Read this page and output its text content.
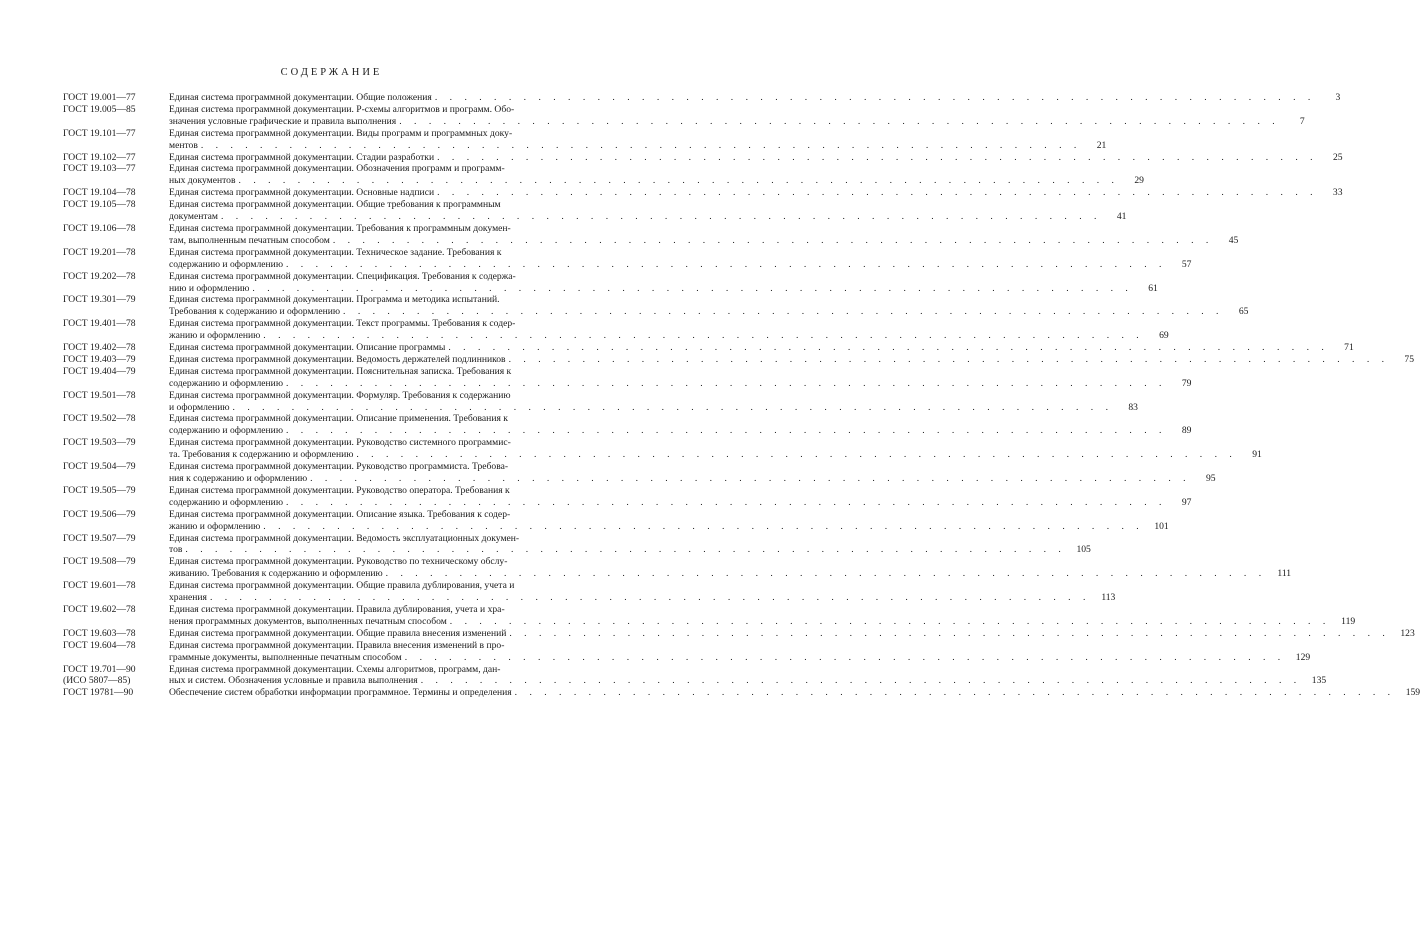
СОДЕРЖАНИЕ
ГОСТ 19.001—77	Единая система программной документации. Общие положения . . . . . . . . . . . . . . . . . . . . . . . . . . . . . . . . . . . . . . . . . . . . . . . . . . . . . . . . . . . .	3
ГОСТ 19.005—85	Единая система программной документации. Р-схемы алгоритмов и программ. Обо-
значения условные графические и правила выполнения . . . . . . . . . . . . . . . . . . . . . . . . . . . . . . . . . . . . . . . . . . . . . . . . . . . . . . . . . . . .	7
ГОСТ 19.101—77	Единая система программной документации. Виды программ и программных доку-
ментов . . . . . . . . . . . . . . . . . . . . . . . . . . . . . . . . . . . . . . . . . . . . . . . . . . . . . . . . . . . .	21
ГОСТ 19.102—77	Единая система программной документации. Стадии разработки . . . . . . . . . . . . . . . . . . . . . . . . . . . . . . . . . . . . . . . . . . . . . . . . . . . . . . . . . . . .	25
ГОСТ 19.103—77	Единая система программной документации. Обозначения программ и программ-
ных документов . . . . . . . . . . . . . . . . . . . . . . . . . . . . . . . . . . . . . . . . . . . . . . . . . . . . . . . . . . . .	29
ГОСТ 19.104—78	Единая система программной документации. Основные надписи . . . . . . . . . . . . . . . . . . . . . . . . . . . . . . . . . . . . . . . . . . . . . . . . . . . . . . . . . . . .	33
ГОСТ 19.105—78	Единая система программной документации. Общие требования к программным
документам . . . . . . . . . . . . . . . . . . . . . . . . . . . . . . . . . . . . . . . . . . . . . . . . . . . . . . . . . . . .	41
ГОСТ 19.106—78	Единая система программной документации. Требования к программным докумен-
там, выполненным печатным способом . . . . . . . . . . . . . . . . . . . . . . . . . . . . . . . . . . . . . . . . . . . . . . . . . . . . . . . . . . . .	45
ГОСТ 19.201—78	Единая система программной документации. Техническое задание. Требования к
содержанию и оформлению . . . . . . . . . . . . . . . . . . . . . . . . . . . . . . . . . . . . . . . . . . . . . . . . . . . . . . . . . . . .	57
ГОСТ 19.202—78	Единая система программной документации. Спецификация. Требования к содержа-
нию и оформлению . . . . . . . . . . . . . . . . . . . . . . . . . . . . . . . . . . . . . . . . . . . . . . . . . . . . . . . . . . . .	61
ГОСТ 19.301—79	Единая система программной документации. Программа и методика испытаний.
Требования к содержанию и оформлению . . . . . . . . . . . . . . . . . . . . . . . . . . . . . . . . . . . . . . . . . . . . . . . . . . . . . . . . . . . .	65
ГОСТ 19.401—78	Единая система программной документации. Текст программы. Требования к содер-
жанию и оформлению . . . . . . . . . . . . . . . . . . . . . . . . . . . . . . . . . . . . . . . . . . . . . . . . . . . . . . . . . . . .	69
ГОСТ 19.402—78	Единая система программной документации. Описание программы . . . . . . . . . . . . . . . . . . . . . . . . . . . . . . . . . . . . . . . . . . . . . . . . . . . . . . . . . . . .	71
ГОСТ 19.403—79	Единая система программной документации. Ведомость держателей подлинников . . . . . . . . . . . . . . . . . . . . . . . . . . . . . . . . . . . . . . . . . . . . . . . . . . . . . . . . . . . .	75
ГОСТ 19.404—79	Единая система программной документации. Пояснительная записка. Требования к
содержанию и оформлению . . . . . . . . . . . . . . . . . . . . . . . . . . . . . . . . . . . . . . . . . . . . . . . . . . . . . . . . . . . .	79
ГОСТ 19.501—78	Единая система программной документации. Формуляр. Требования к содержанию
и оформлению . . . . . . . . . . . . . . . . . . . . . . . . . . . . . . . . . . . . . . . . . . . . . . . . . . . . . . . . . . . .	83
ГОСТ 19.502—78	Единая система программной документации. Описание применения. Требования к
содержанию и оформлению . . . . . . . . . . . . . . . . . . . . . . . . . . . . . . . . . . . . . . . . . . . . . . . . . . . . . . . . . . . .	89
ГОСТ 19.503—79	Единая система программной документации. Руководство системного программис-
та. Требования к содержанию и оформлению . . . . . . . . . . . . . . . . . . . . . . . . . . . . . . . . . . . . . . . . . . . . . . . . . . . . . . . . . . . .	91
ГОСТ 19.504—79	Единая система программной документации. Руководство программиста. Требова-
ния к содержанию и оформлению . . . . . . . . . . . . . . . . . . . . . . . . . . . . . . . . . . . . . . . . . . . . . . . . . . . . . . . . . . . .	95
ГОСТ 19.505—79	Единая система программной документации. Руководство оператора. Требования к
содержанию и оформлению . . . . . . . . . . . . . . . . . . . . . . . . . . . . . . . . . . . . . . . . . . . . . . . . . . . . . . . . . . . .	97
ГОСТ 19.506—79	Единая система программной документации. Описание языка. Требования к содер-
жанию и оформлению . . . . . . . . . . . . . . . . . . . . . . . . . . . . . . . . . . . . . . . . . . . . . . . . . . . . . . . . . . . .	101
ГОСТ 19.507—79	Единая система программной документации. Ведомость эксплуатационных докумен-
тов . . . . . . . . . . . . . . . . . . . . . . . . . . . . . . . . . . . . . . . . . . . . . . . . . . . . . . . . . . . .	105
ГОСТ 19.508—79	Единая система программной документации. Руководство по техническому обслу-
живанию. Требования к содержанию и оформлению . . . . . . . . . . . . . . . . . . . . . . . . . . . . . . . . . . . . . . . . . . . . . . . . . . . . . . . . . . . .	111
ГОСТ 19.601—78	Единая система программной документации. Общие правила дублирования, учета и
хранения . . . . . . . . . . . . . . . . . . . . . . . . . . . . . . . . . . . . . . . . . . . . . . . . . . . . . . . . . . . .	113
ГОСТ 19.602—78	Единая система программной документации. Правила дублирования, учета и хра-
нения программных документов, выполненных печатным способом . . . . . . . . . . . . . . . . . . . . . . . . . . . . . . . . . . . . . . . . . . . . . . . . . . . . . . . . . . . .	119
ГОСТ 19.603—78	Единая система программной документации. Общие правила внесения изменений . . . . . . . . . . . . . . . . . . . . . . . . . . . . . . . . . . . . . . . . . . . . . . . . . . . . . . . . . . . .	123
ГОСТ 19.604—78	Единая система программной документации. Правила внесения изменений в про-
граммные документы, выполненные печатным способом . . . . . . . . . . . . . . . . . . . . . . . . . . . . . . . . . . . . . . . . . . . . . . . . . . . . . . . . . . . .	129
ГОСТ 19.701—90
(ИСО 5807—85)
Единая система программной документации. Схемы алгоритмов, программ, дан-
ных и систем. Обозначения условные и правила выполнения . . . . . . . . . . . . . . . . . . . . . . . . . . . . . . . . . . . . . . . . . . . . . . . . . . . . . . . . . . . .	135
ГОСТ 19781—90	Обеспечение систем обработки информации программное. Термины и определения . . . . . . . . . . . . . . . . . . . . . . . . . . . . . . . . . . . . . . . . . . . . . . . . . . . . . . . . . . . .	159
